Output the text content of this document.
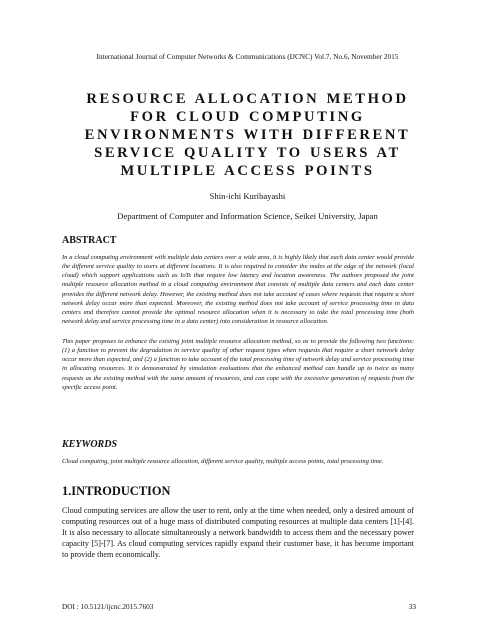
International Journal of Computer Networks & Communications (IJCNC) Vol.7, No.6, November 2015
RESOURCE ALLOCATION METHOD
FOR CLOUD COMPUTING
ENVIRONMENTS WITH DIFFERENT
SERVICE QUALITY TO USERS AT
MULTIPLE ACCESS POINTS
Shin-ichi Kuribayashi
Department of Computer and Information Science, Seikei University, Japan
ABSTRACT
In a cloud computing environment with multiple data centers over a wide area, it is highly likely that each data center would provide the different service quality to users at different locations. It is also required to consider the nodes at the edge of the network (local cloud) which support applications such as IoTs that require low latency and location awareness. The authors proposed the joint multiple resource allocation method in a cloud computing environment that consists of multiple data centers and each data center provides the different network delay. However, the existing method does not take account of cases where requests that require a short network delay occur more than expected. Moreover, the existing method does not take account of service processing time in data centers and therefore cannot provide the optimal resource allocation when it is necessary to take the total processing time (both network delay and service processing time in a data center) into consideration in resource allocation.
This paper proposes to enhance the existing joint multiple resource allocation method, so as to provide the following two functions: (1) a function to prevent the degradation in service quality of other request types when requests that require a short network delay occur more than expected, and (2) a function to take account of the total processing time of network delay and service processing time in allocating resources. It is demonstrated by simulation evaluations that the enhanced method can handle up to twice as many requests as the existing method with the same amount of resources, and can cope with the excessive generation of requests from the specific access point.
KEYWORDS
Cloud computing, joint multiple resource allocation, different service quality, multiple access points, total processing time.
1.INTRODUCTION
Cloud computing services are allow the user to rent, only at the time when needed, only a desired amount of computing resources out of a huge mass of distributed computing resources at multiple data centers [1]-[4]. It is also necessary to allocate simultaneously a network bandwidth to access them and the necessary power capacity [5]-[7]. As cloud computing services rapidly expand their customer base, it has become important to provide them economically.
DOI : 10.5121/ijcnc.2015.7603	33
